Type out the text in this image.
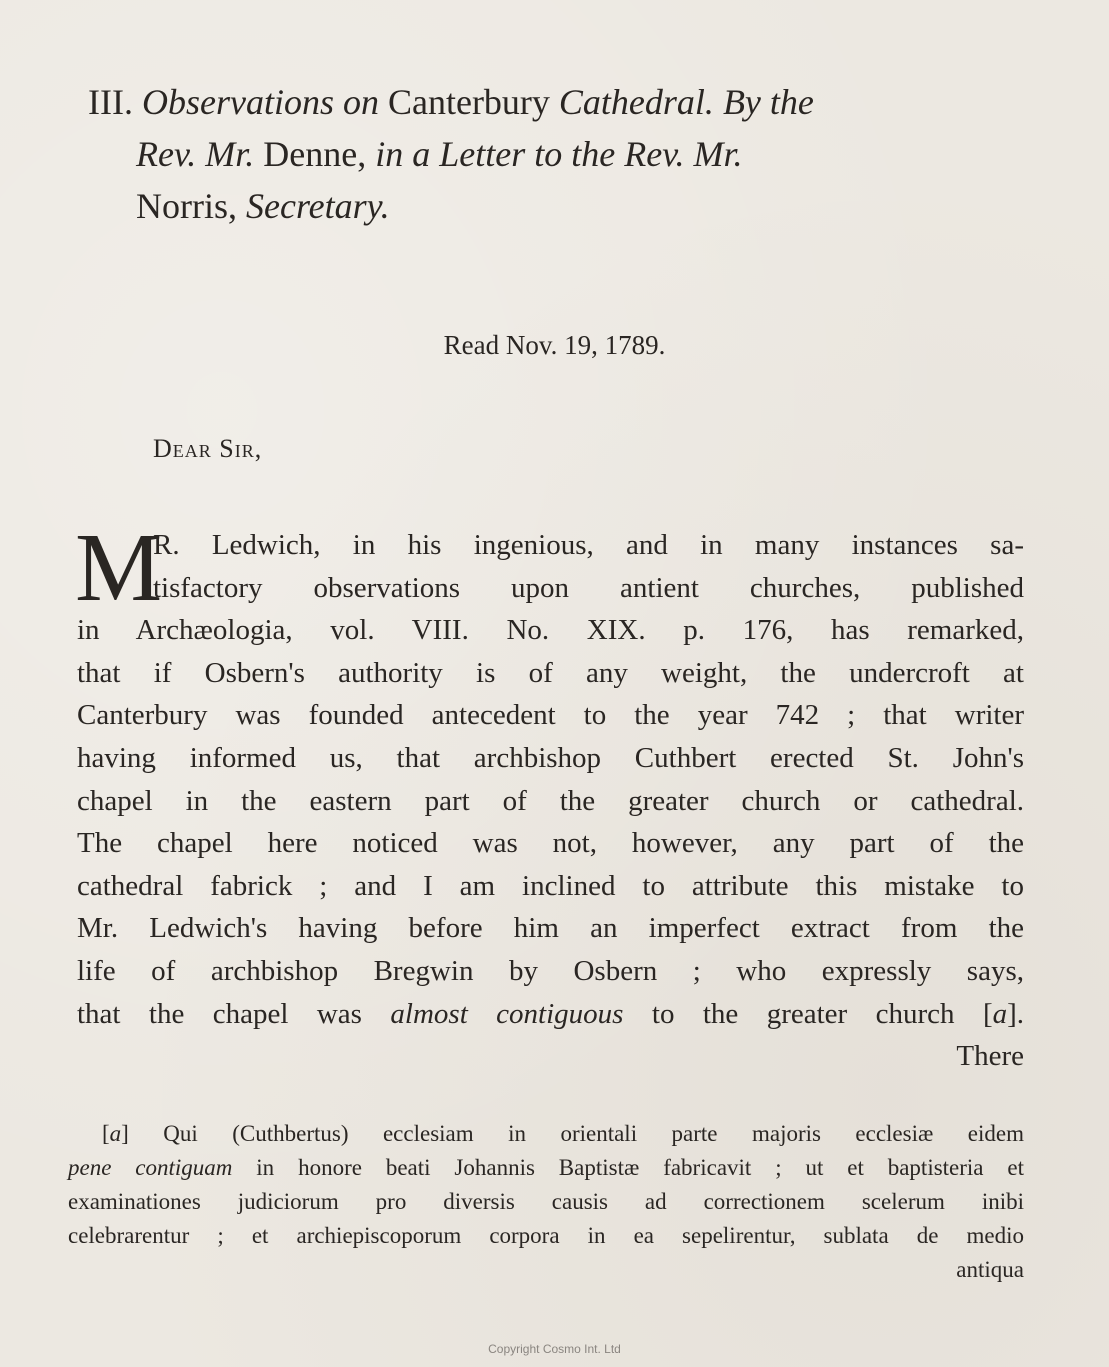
III. Observations on Canterbury Cathedral. By the
Rev. Mr. Denne, in a Letter to the Rev. Mr.
Norris, Secretary.
Read Nov. 19, 1789.
Dear Sir,
M
R. Ledwich, in his ingenious, and in many instances sa-
tisfactory observations upon antient churches, published
in Archæologia, vol. VIII. No. XIX. p. 176, has remarked,
that if Osbern's authority is of any weight, the undercroft at
Canterbury was founded antecedent to the year 742 ; that writer
having informed us, that archbishop Cuthbert erected St. John's
chapel in the eastern part of the greater church or cathedral.
The chapel here noticed was not, however, any part of the
cathedral fabrick ; and I am inclined to attribute this mistake to
Mr. Ledwich's having before him an imperfect extract from the
life of archbishop Bregwin by Osbern ; who expressly says,
that the chapel was almost contiguous to the greater church [a].
There
[a] Qui (Cuthbertus) ecclesiam in orientali parte majoris ecclesiæ eidem
pene contiguam in honore beati Johannis Baptistæ fabricavit ; ut et baptisteria et
examinationes judiciorum pro diversis causis ad correctionem scelerum inibi
celebrarentur ; et archiepiscoporum corpora in ea sepelirentur, sublata de medio
antiqua
Copyright Cosmo Int. Ltd
